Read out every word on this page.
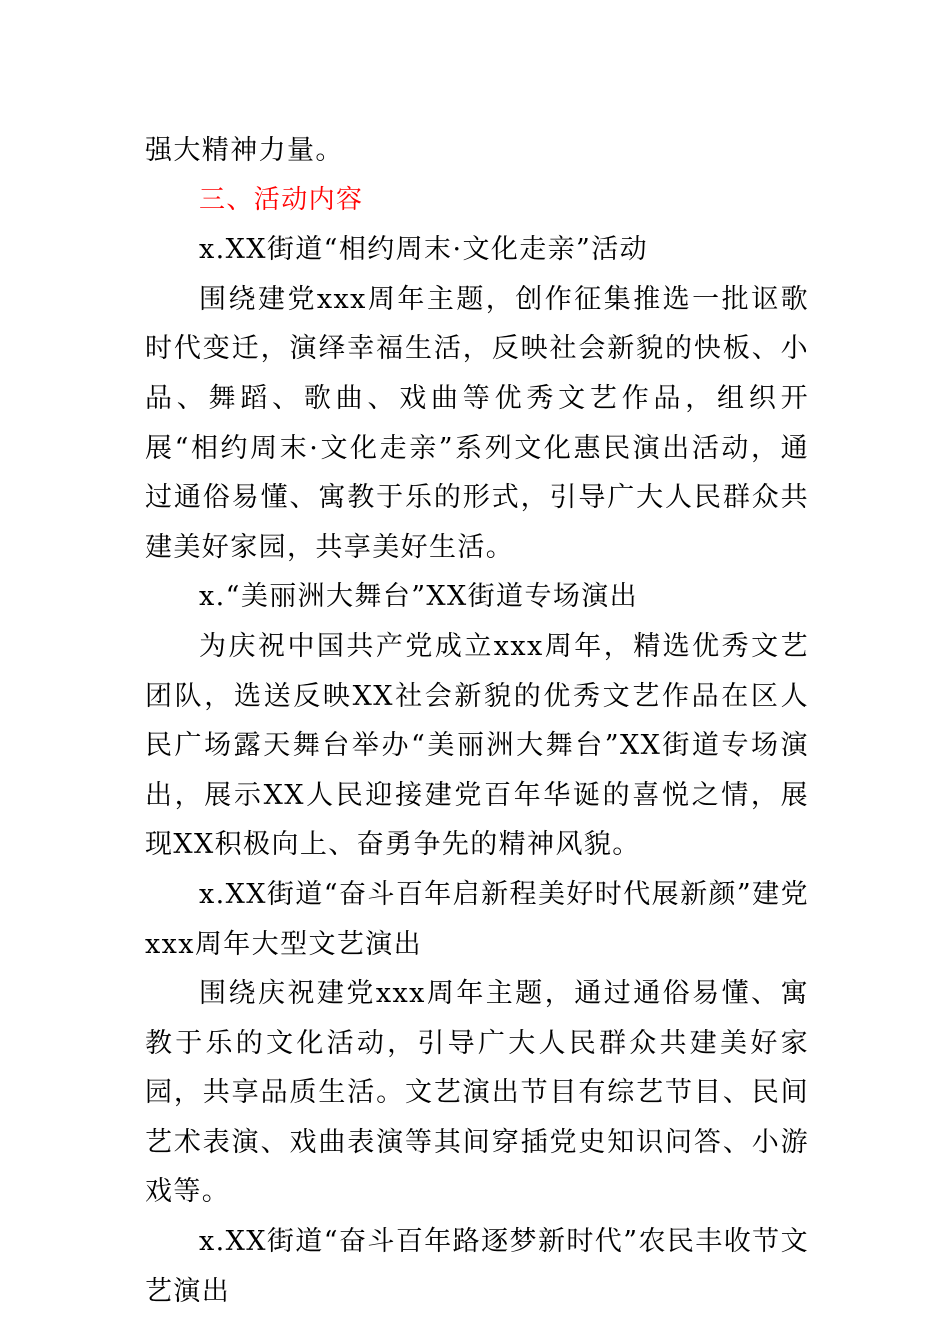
强大精神力量。

三、活动内容

x.XX街道“相约周末·文化走亲”活动

围绕建党xxx周年主题，创作征集推选一批讴歌时代变迁，演绎幸福生活，反映社会新貌的快板、小品、舞蹈、歌曲、戏曲等优秀文艺作品，组织开展“相约周末·文化走亲”系列文化惠民演出活动，通过通俗易懂、寓教于乐的形式，引导广大人民群众共建美好家园，共享美好生活。

x.“美丽洲大舞台”XX街道专场演出

为庆祝中国共产党成立xxx周年，精选优秀文艺团队，选送反映XX社会新貌的优秀文艺作品在区人民广场露天舞台举办“美丽洲大舞台”XX街道专场演出，展示XX人民迎接建党百年华诞的喜悦之情，展现XX积极向上、奋勇争先的精神风貌。

x.XX街道“奋斗百年启新程美好时代展新颜”建党xxx周年大型文艺演出

围绕庆祝建党xxx周年主题，通过通俗易懂、寓教于乐的文化活动，引导广大人民群众共建美好家园，共享品质生活。文艺演出节目有综艺节目、民间艺术表演、戏曲表演等其间穿插党史知识问答、小游戏等。

x.XX街道“奋斗百年路逐梦新时代”农民丰收节文艺演出
